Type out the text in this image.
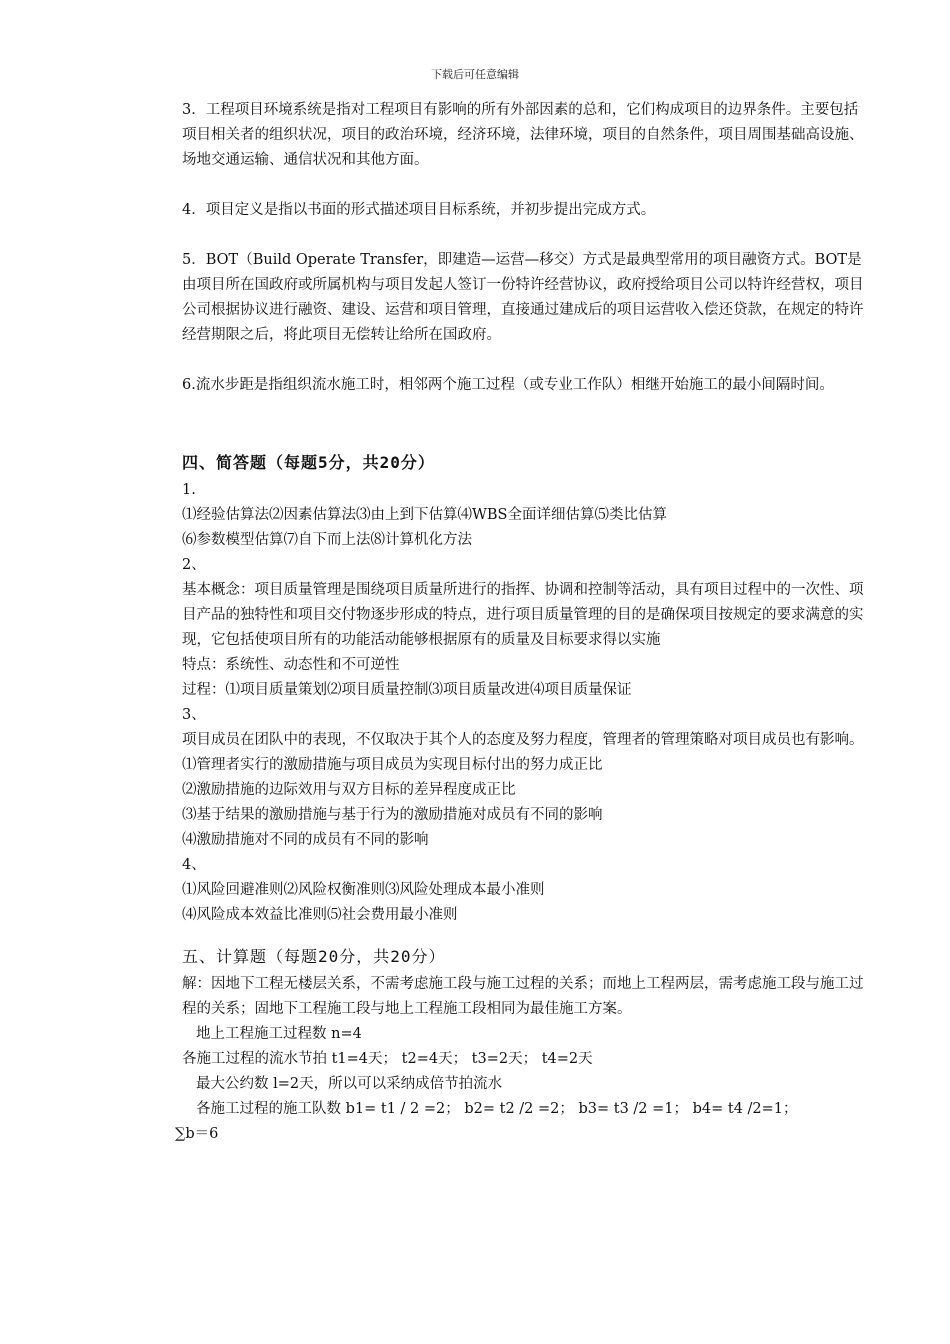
下载后可任意编辑

3．工程项目环境系统是指对工程项目有影响的所有外部因素的总和，它们构成项目的边界条件。主要包括项目相关者的组织状况，项目的政治环境，经济环境，法律环境，项目的自然条件，项目周围基础高设施、场地交通运输、通信状况和其他方面。

4．项目定义是指以书面的形式描述项目目标系统，并初步提出完成方式。

5．BOT（Build Operate Transfer，即建造—运营—移交）方式是最典型常用的项目融资方式。BOT是由项目所在国政府或所属机构与项目发起人签订一份特许经营协议，政府授给项目公司以特许经营权，项目公司根据协议进行融资、建设、运营和项目管理，直接通过建成后的项目运营收入偿还贷款，在规定的特许经营期限之后，将此项目无偿转让给所在国政府。

6.流水步距是指组织流水施工时，相邻两个施工过程（或专业工作队）相继开始施工的最小间隔时间。

四、简答题（每题5分，共20分）

1.

⑴经验估算法⑵因素估算法⑶由上到下估算⑷WBS全面详细估算⑸类比估算

⑹参数模型估算⑺自下而上法⑻计算机化方法

2、

基本概念：项目质量管理是围绕项目质量所进行的指挥、协调和控制等活动，具有项目过程中的一次性、项目产品的独特性和项目交付物逐步形成的特点，进行项目质量管理的目的是确保项目按规定的要求满意的实现，它包括使项目所有的功能活动能够根据原有的质量及目标要求得以实施

特点：系统性、动态性和不可逆性

过程：⑴项目质量策划⑵项目质量控制⑶项目质量改进⑷项目质量保证

3、

项目成员在团队中的表现，不仅取决于其个人的态度及努力程度，管理者的管理策略对项目成员也有影响。

⑴管理者实行的激励措施与项目成员为实现目标付出的努力成正比

⑵激励措施的边际效用与双方目标的差异程度成正比

⑶基于结果的激励措施与基于行为的激励措施对成员有不同的影响

⑷激励措施对不同的成员有不同的影响

4、

⑴风险回避准则⑵风险权衡准则⑶风险处理成本最小准则

⑷风险成本效益比准则⑸社会费用最小准则

五、计算题（每题20分，共20分）

解：因地下工程无楼层关系，不需考虑施工段与施工过程的关系；而地上工程两层，需考虑施工段与施工过程的关系；固地下工程施工段与地上工程施工段相同为最佳施工方案。

地上工程施工过程数 n=4

各施工过程的流水节拍 t1=4天； t2=4天； t3=2天； t4=2天

最大公约数 l=2天，所以可以采纳成倍节拍流水

各施工过程的施工队数 b1= t1 / 2 =2； b2= t2 /2 =2； b3= t3 /2 =1； b4= t4 /2=1；

∑b＝6
